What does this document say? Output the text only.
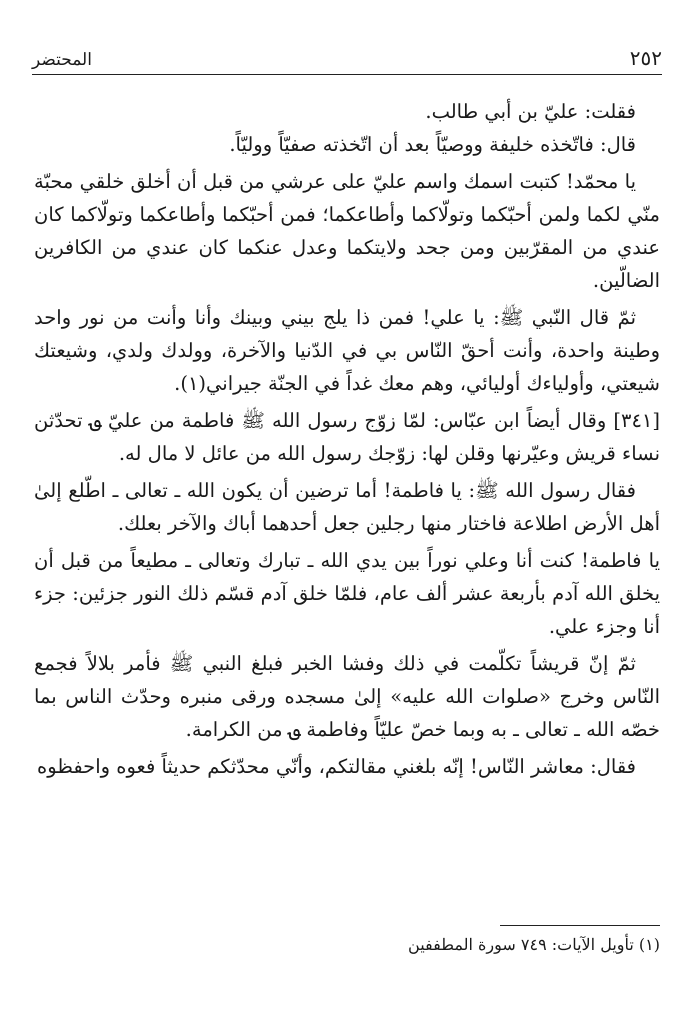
٢٥٢
المحتضر

فقلت: عليّ بن أبي طالب.

قال: فاتّخذه خليفة ووصيّاً بعد أن اتّخذته صفيّاً ووليّاً.

يا محمّد! كتبت اسمك واسم عليّ على عرشي من قبل أن أخلق خلقي محبّة منّي لكما ولمن أحبّكما وتولّاكما وأطاعكما؛ فمن أحبّكما وأطاعكما وتولّاكما كان عندي من المقرّبين ومن جحد ولايتكما وعدل عنكما كان عندي من الكافرين الضالّين.

ثمّ قال النّبي ﷺ: يا علي! فمن ذا يلج بيني وبينك وأنا وأنت من نور واحد وطينة واحدة، وأنت أحقّ النّاس بي في الدّنيا والآخرة، وولدك ولدي، وشيعتك شيعتي، وأولياءك أوليائي، وهم معك غداً في الجنّة جيراني(١).

[٣٤١] وقال أيضاً ابن عبّاس: لمّا زوّج رسول الله ﷺ فاطمة من عليّ ؈ تحدّثن نساء قريش وعيّرنها وقلن لها: زوّجك رسول الله من عائل لا مال له.

فقال رسول الله ﷺ: يا فاطمة! أما ترضين أن يكون الله ـ تعالى ـ اطّلع إلىٰ أهل الأرض اطلاعة فاختار منها رجلين جعل أحدهما أباك والآخر بعلك.

يا فاطمة! كنت أنا وعلي نوراً بين يدي الله ـ تبارك وتعالى ـ مطيعاً من قبل أن يخلق الله آدم بأربعة عشر ألف عام، فلمّا خلق آدم قسّم ذلك النور جزئين: جزء أنا وجزء علي.

ثمّ إنّ قريشاً تكلّمت في ذلك وفشا الخبر فبلغ النبي ﷺ فأمر بلالاً فجمع النّاس وخرج «صلوات الله عليه» إلىٰ مسجده ورقى منبره وحدّث الناس بما خصّه الله ـ تعالى ـ به وبما خصّ عليّاً وفاطمة ؈ من الكرامة.

فقال: معاشر النّاس! إنّه بلغني مقالتكم، وأنّي محدّثكم حديثاً فعوه واحفظوه

(١) تأويل الآيات: ٧٤٩ سورة المطففين
